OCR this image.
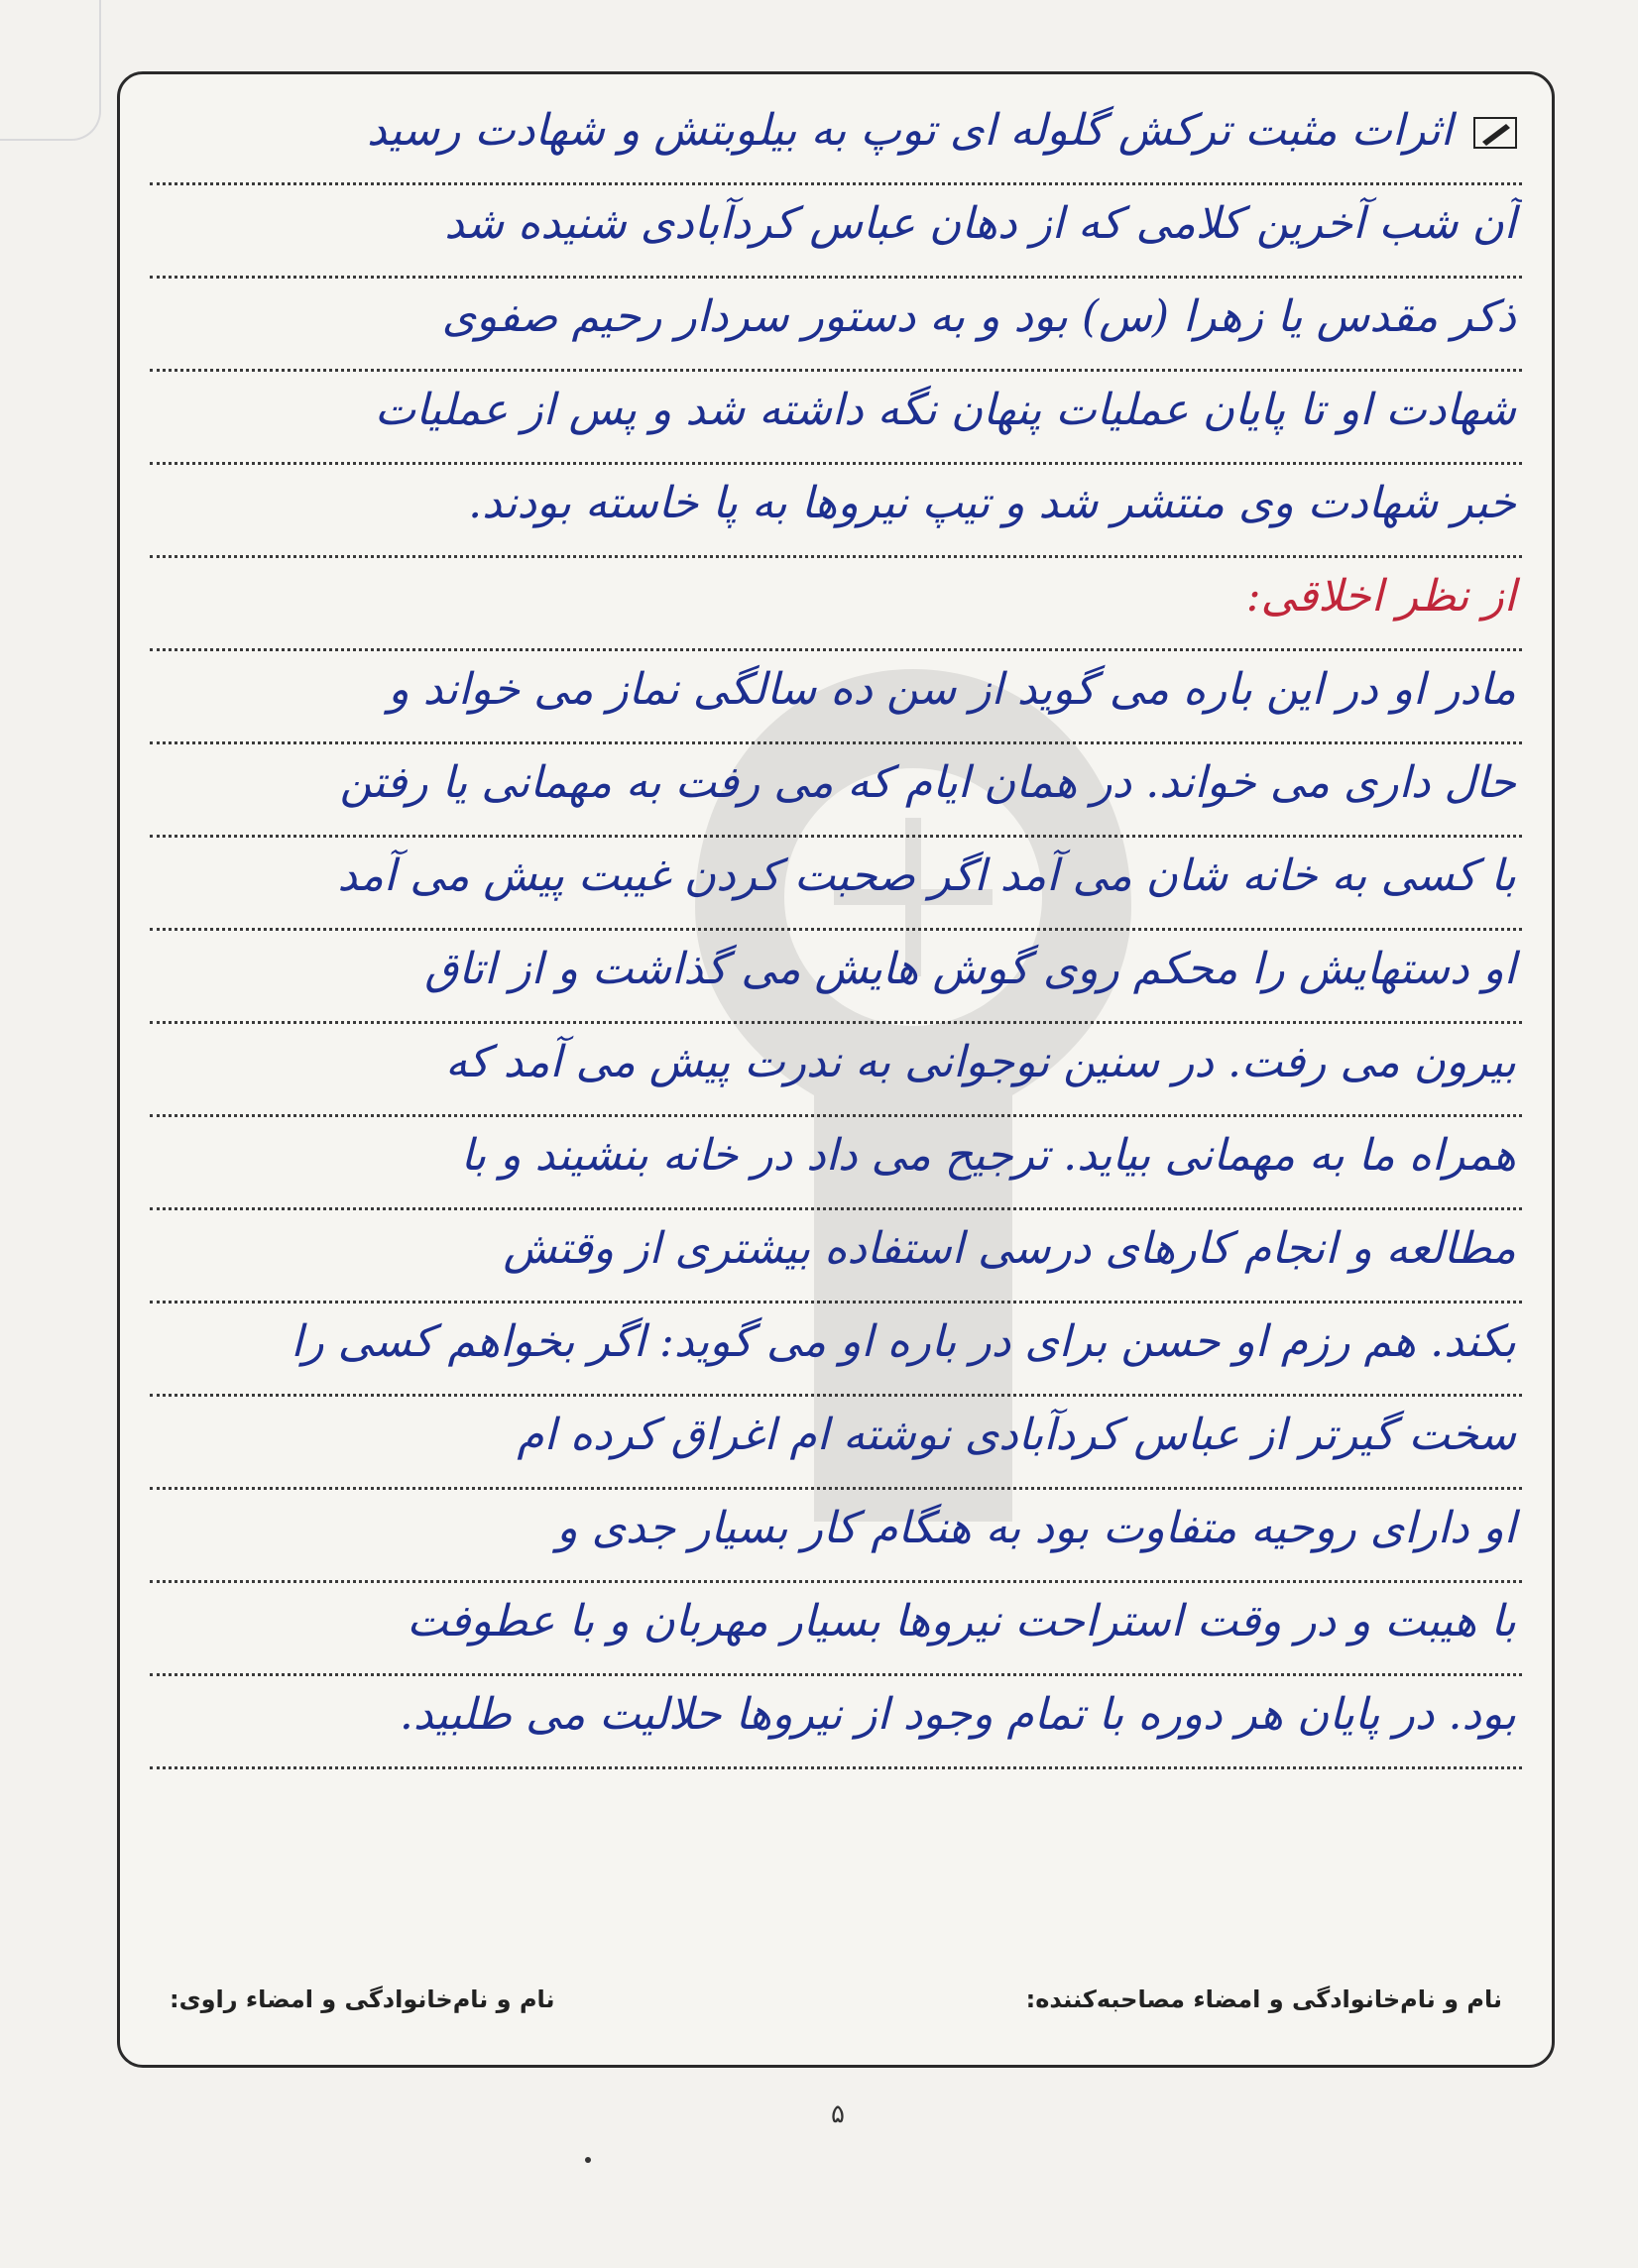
اثرات مثبت ترکش گلوله ای توپ به بیلوبتش و شهادت رسید
آن شب آخرین کلامی که از دهان عباس کردآبادی شنیده شد
ذکر مقدس یا زهرا (س) بود و به دستور سردار رحیم صفوی
شهادت او تا پایان عملیات پنهان نگه داشته شد و پس از عملیات
خبر شهادت وی منتشر شد و تیپ نیروها به پا خاسته بودند.
از نظر اخلاقی:
مادر او در این باره می گوید از سن ده سالگی نماز می خواند و
حال داری می خواند. در همان ایام که می رفت به مهمانی یا رفتن
با کسی به خانه شان می آمد اگر صحبت کردن غیبت پیش می آمد
او دستهایش را محکم روی گوش هایش می گذاشت و از اتاق
بیرون می رفت. در سنین نوجوانی به ندرت پیش می آمد که
همراه ما به مهمانی بیاید. ترجیح می داد در خانه بنشیند و با
مطالعه و انجام کارهای درسی استفاده بیشتری از وقتش
بکند. هم رزم او حسن برای در باره او می گوید: اگر بخواهم کسی را
سخت گیرتر از عباس کردآبادی نوشته ام اغراق کرده ام
او دارای روحیه متفاوت بود به هنگام کار بسیار جدی و
با هیبت و در وقت استراحت نیروها بسیار مهربان و با عطوفت
بود. در پایان هر دوره با تمام وجود از نیروها حلالیت می طلبید.
نام و نام‌خانوادگی و امضاء مصاحبه‌کننده:
نام و نام‌خانوادگی و امضاء راوی:
۵
